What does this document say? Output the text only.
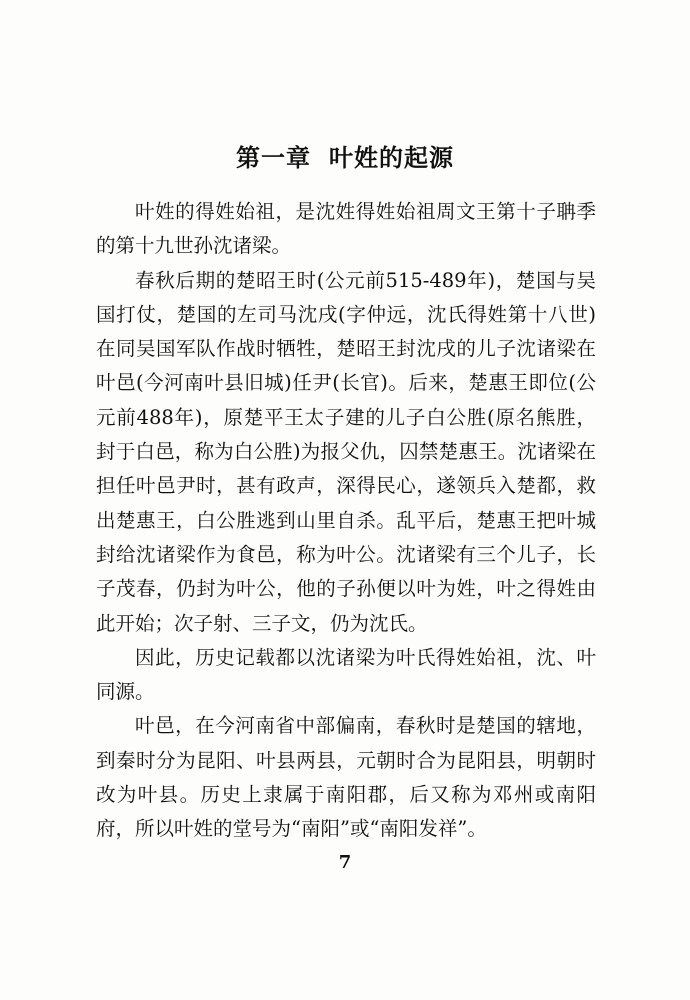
第一章 叶姓的起源

叶姓的得姓始祖，是沈姓得姓始祖周文王第十子聃季的第十九世孙沈诸梁。

春秋后期的楚昭王时(公元前515-489年)，楚国与吴国打仗，楚国的左司马沈戌(字仲远，沈氏得姓第十八世)在同吴国军队作战时牺牲，楚昭王封沈戌的儿子沈诸梁在叶邑(今河南叶县旧城)任尹(长官)。后来，楚惠王即位(公元前488年)，原楚平王太子建的儿子白公胜(原名熊胜，封于白邑，称为白公胜)为报父仇，囚禁楚惠王。沈诸梁在担任叶邑尹时，甚有政声，深得民心，遂领兵入楚都，救出楚惠王，白公胜逃到山里自杀。乱平后，楚惠王把叶城封给沈诸梁作为食邑，称为叶公。沈诸梁有三个儿子，长子茂春，仍封为叶公，他的子孙便以叶为姓，叶之得姓由此开始；次子射、三子文，仍为沈氏。

因此，历史记载都以沈诸梁为叶氏得姓始祖，沈、叶同源。

叶邑，在今河南省中部偏南，春秋时是楚国的辖地，到秦时分为昆阳、叶县两县，元朝时合为昆阳县，明朝时改为叶县。历史上隶属于南阳郡，后又称为邓州或南阳府，所以叶姓的堂号为“南阳”或“南阳发祥”。

7
